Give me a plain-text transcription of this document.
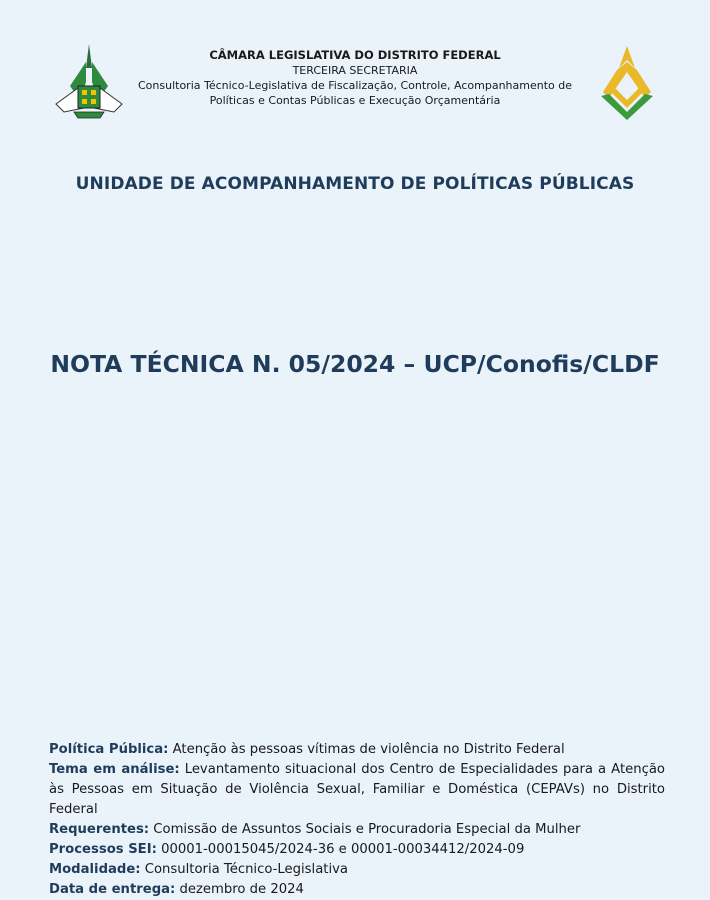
CÂMARA LEGISLATIVA DO DISTRITO FEDERAL
TERCEIRA SECRETARIA
Consultoria Técnico-Legislativa de Fiscalização, Controle, Acompanhamento de
Políticas e Contas Públicas e Execução Orçamentária
UNIDADE DE ACOMPANHAMENTO DE POLÍTICAS PÚBLICAS
NOTA TÉCNICA N. 05/2024 – UCP/Conofis/CLDF

Política Pública: Atenção às pessoas vítimas de violência no Distrito Federal

Tema em análise: Levantamento situacional dos Centro de Especialidades para a Atenção às Pessoas em Situação de Violência Sexual, Familiar e Doméstica (CEPAVs) no Distrito Federal

Requerentes: Comissão de Assuntos Sociais e Procuradoria Especial da Mulher

Processos SEI: 00001-00015045/2024-36 e 00001-00034412/2024-09

Modalidade: Consultoria Técnico-Legislativa

Data de entrega: dezembro de 2024
